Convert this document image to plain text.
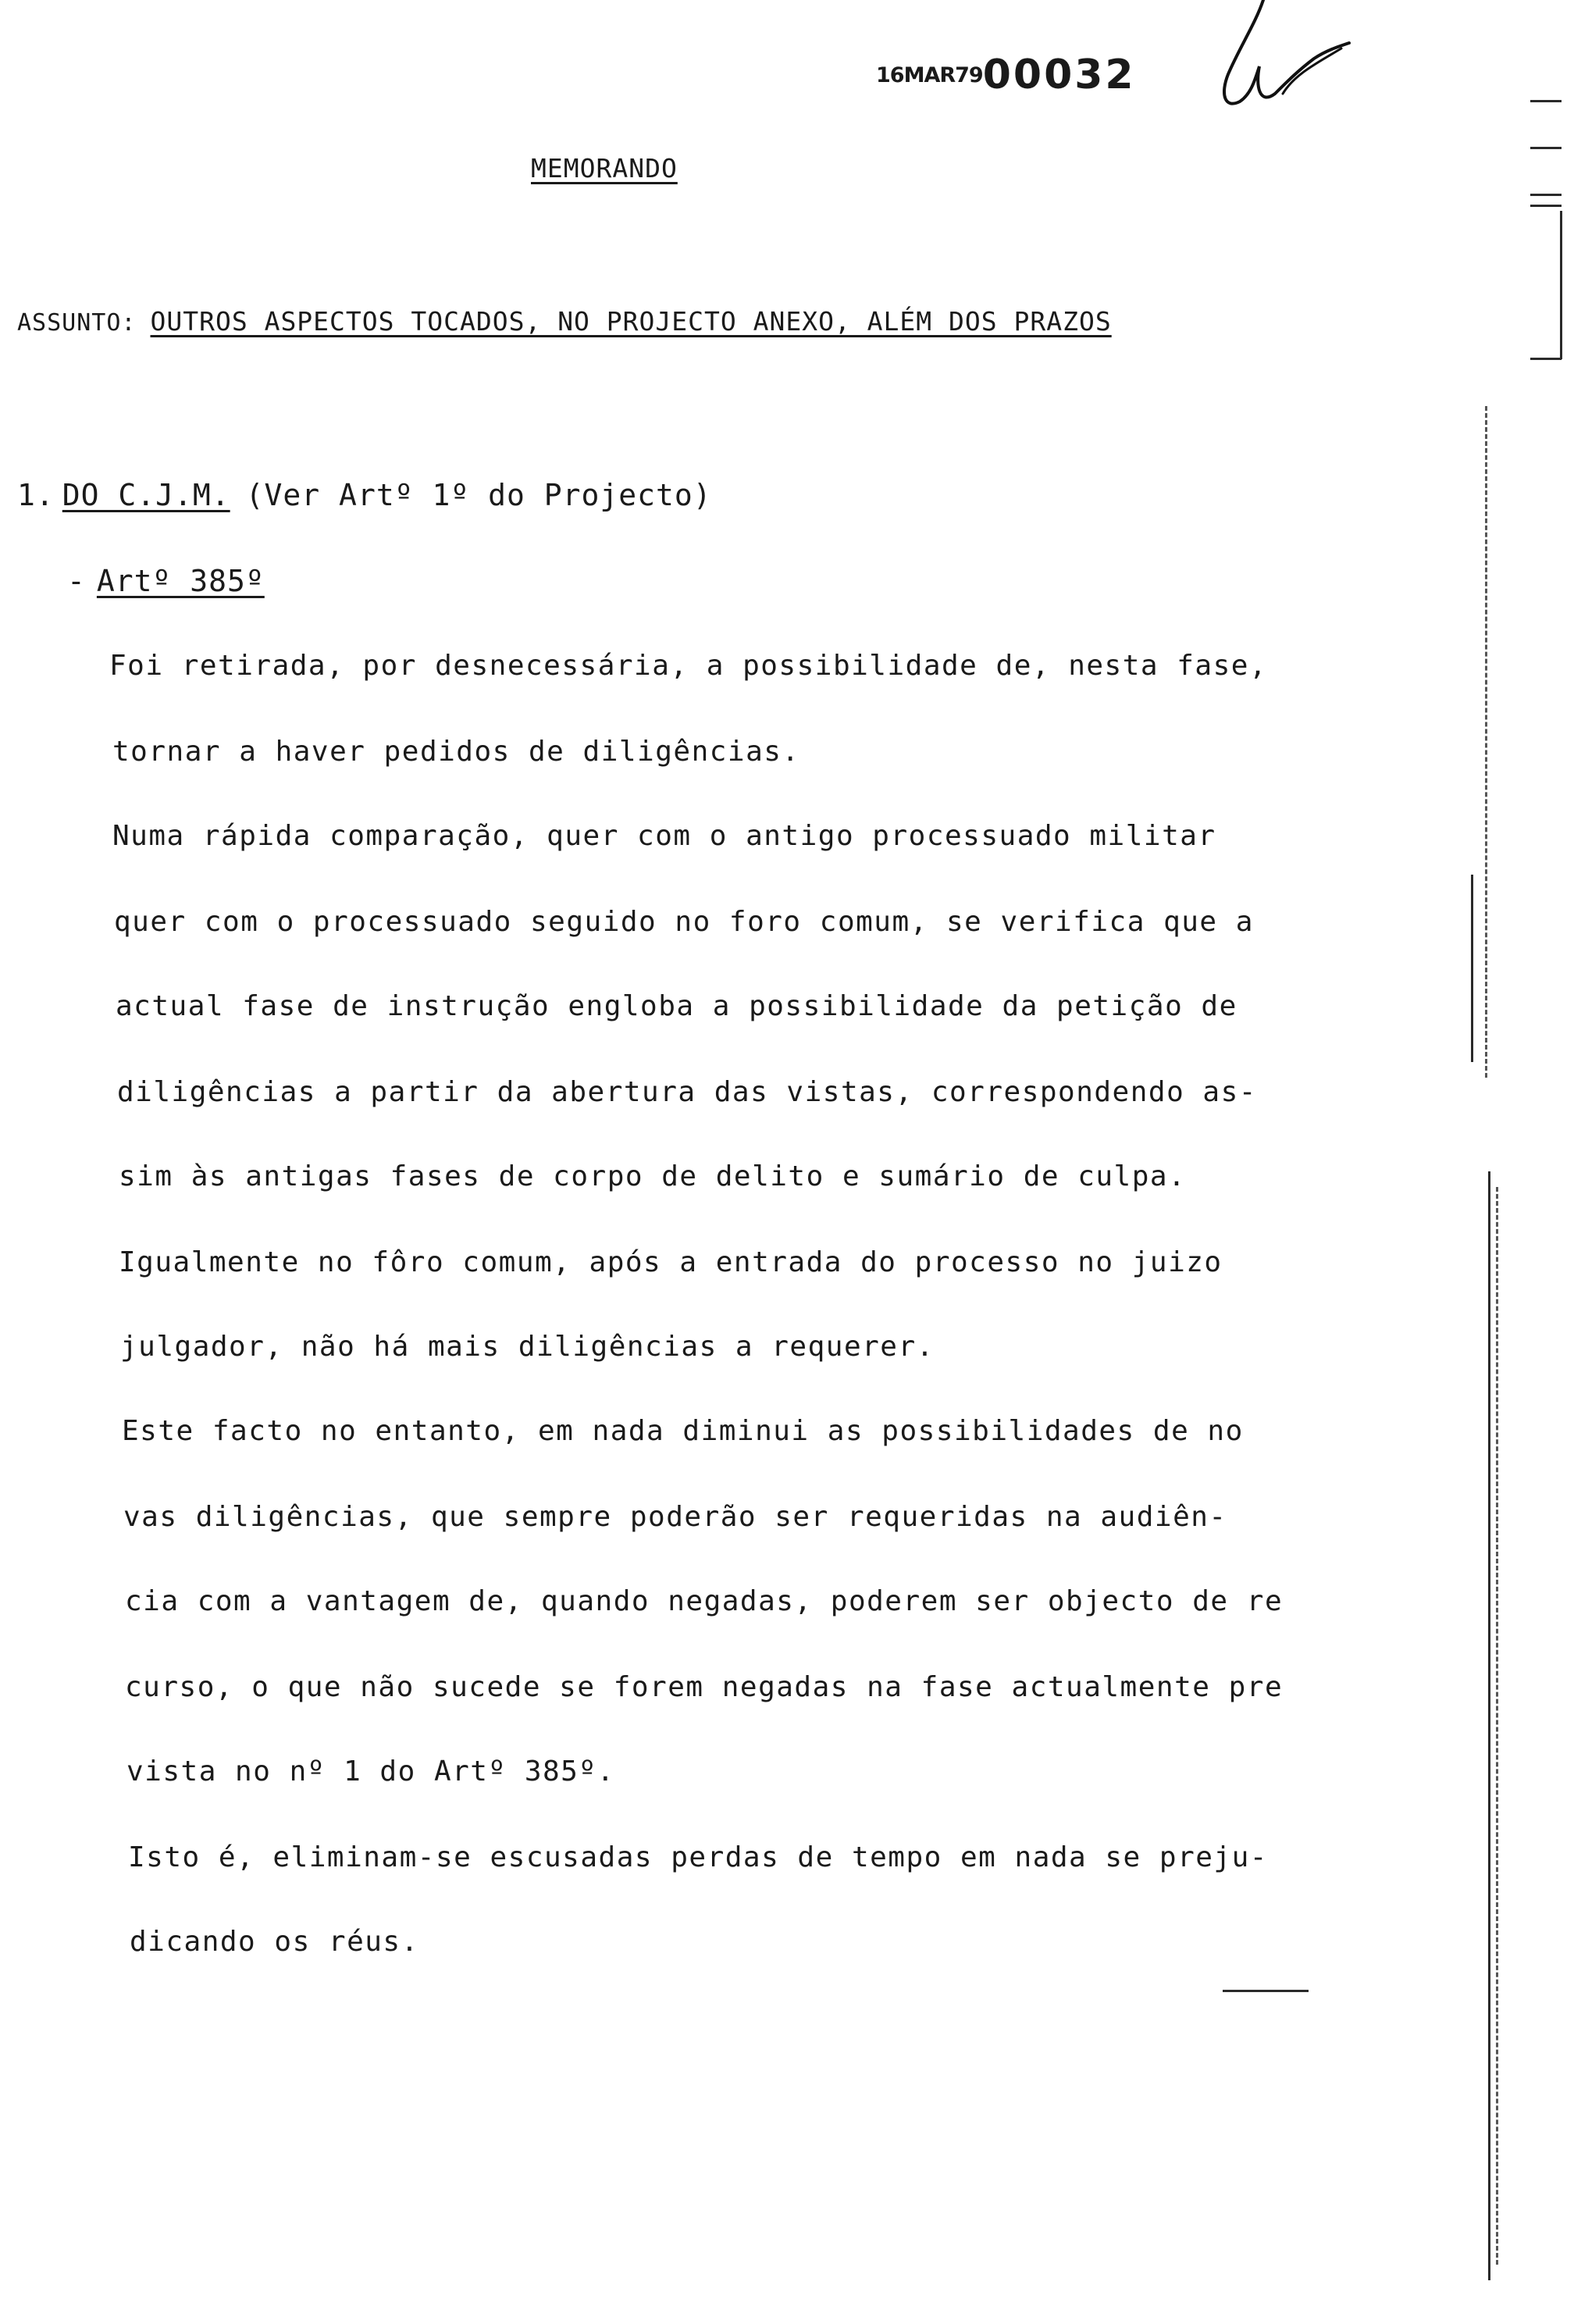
16MAR7900032
MEMORANDO
ASSUNTO: OUTROS ASPECTOS TOCADOS, NO PROJECTO ANEXO, ALÉM DOS PRAZOS
1. DO C.J.M. (Ver Artº 1º do Projecto)
- Artº 385º
Foi retirada, por desnecessária, a possibilidade de, nesta fase,
tornar a haver pedidos de diligências.
Numa rápida comparação, quer com o antigo processuado militar
quer com o processuado seguido no foro comum, se verifica que a
actual fase de instrução engloba a possibilidade da petição de
diligências a partir da abertura das vistas, correspondendo as-
sim às antigas fases de corpo de delito e sumário de culpa.
Igualmente no fôro comum, após a entrada do processo no juizo
julgador, não há mais diligências a requerer.
Este facto no entanto, em nada diminui as possibilidades de no
vas diligências, que sempre poderão ser requeridas na audiên-
cia com a vantagem de, quando negadas, poderem ser objecto de re
curso, o que não sucede se forem negadas na fase actualmente pre
vista no nº 1 do Artº 385º.
Isto é, eliminam-se escusadas perdas de tempo em nada se preju-
dicando os réus.
